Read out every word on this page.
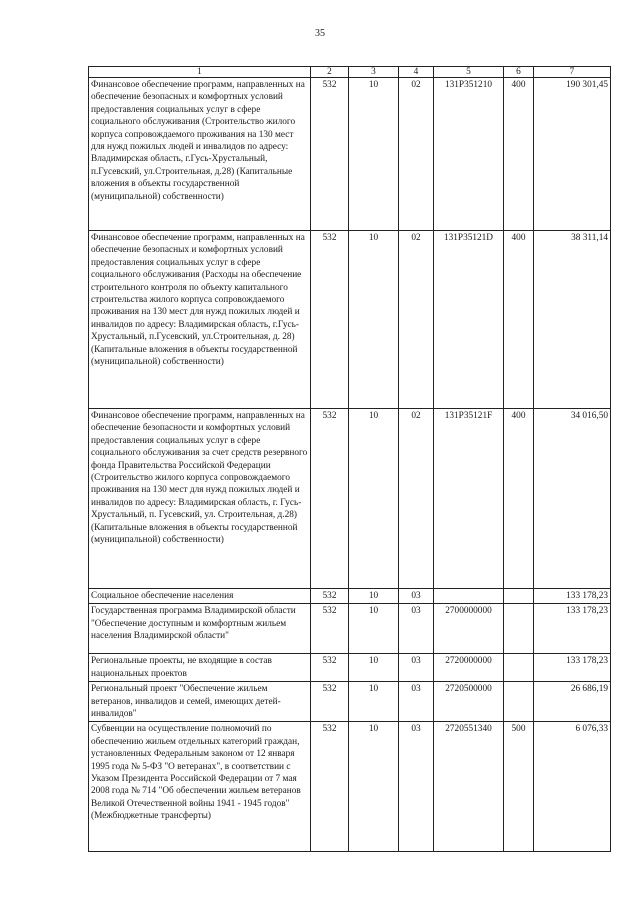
35
1	2	3	4	5	6	7
Финансовое обеспечение программ, направленных на обеспечение безопасных и комфортных условий предоставления социальных услуг в сфере социального обслуживания (Строительство жилого корпуса сопровождаемого проживания на 130 мест для нужд пожилых людей и инвалидов по адресу: Владимирская область, г.Гусь-Хрустальный, п.Гусевский, ул.Строительная, д.28) (Капитальные вложения в объекты государственной (муниципальной) собственности)	532	10	02	131P351210	400	190 301,45
Финансовое обеспечение программ, направленных на обеспечение безопасных и комфортных условий предоставления социальных услуг в сфере социального обслуживания (Расходы на обеспечение строительного контроля по объекту капитального строительства жилого корпуса сопровождаемого проживания на 130 мест для нужд пожилых людей и инвалидов по адресу: Владимирская область, г.Гусь-Хрустальный, п.Гусевский, ул.Строительная, д. 28) (Капитальные вложения в объекты государственной (муниципальной) собственности)	532	10	02	131P35121D	400	38 311,14
Финансовое обеспечение программ, направленных на обеспечение безопасности и комфортных условий предоставления социальных услуг в сфере социального обслуживания за счет средств резервного фонда Правительства Российской Федерации (Строительство жилого корпуса сопровождаемого проживания на 130 мест для нужд пожилых людей и инвалидов по адресу: Владимирская область, г. Гусь-Хрустальный, п. Гусевский, ул. Строительная, д.28) (Капитальные вложения в объекты государственной (муниципальной) собственности)	532	10	02	131P35121F	400	34 016,50
Социальное обеспечение населения	532	10	03			133 178,23
Государственная программа Владимирской области "Обеспечение доступным и комфортным жильем населения Владимирской области"	532	10	03	2700000000		133 178,23
Региональные проекты, не входящие в состав национальных проектов	532	10	03	2720000000		133 178,23
Региональный проект "Обеспечение жильем ветеранов, инвалидов и семей, имеющих детей-инвалидов"	532	10	03	2720500000		26 686,19
Субвенции на осуществление полномочий по обеспечению жильем отдельных категорий граждан, установленных Федеральным законом от 12 января 1995 года № 5-ФЗ "О ветеранах", в соответствии с Указом Президента Российской Федерации от 7 мая 2008 года № 714 "Об обеспечении жильем ветеранов Великой Отечественной войны 1941 - 1945 годов" (Межбюджетные трансферты)	532	10	03	2720551340	500	6 076,33
